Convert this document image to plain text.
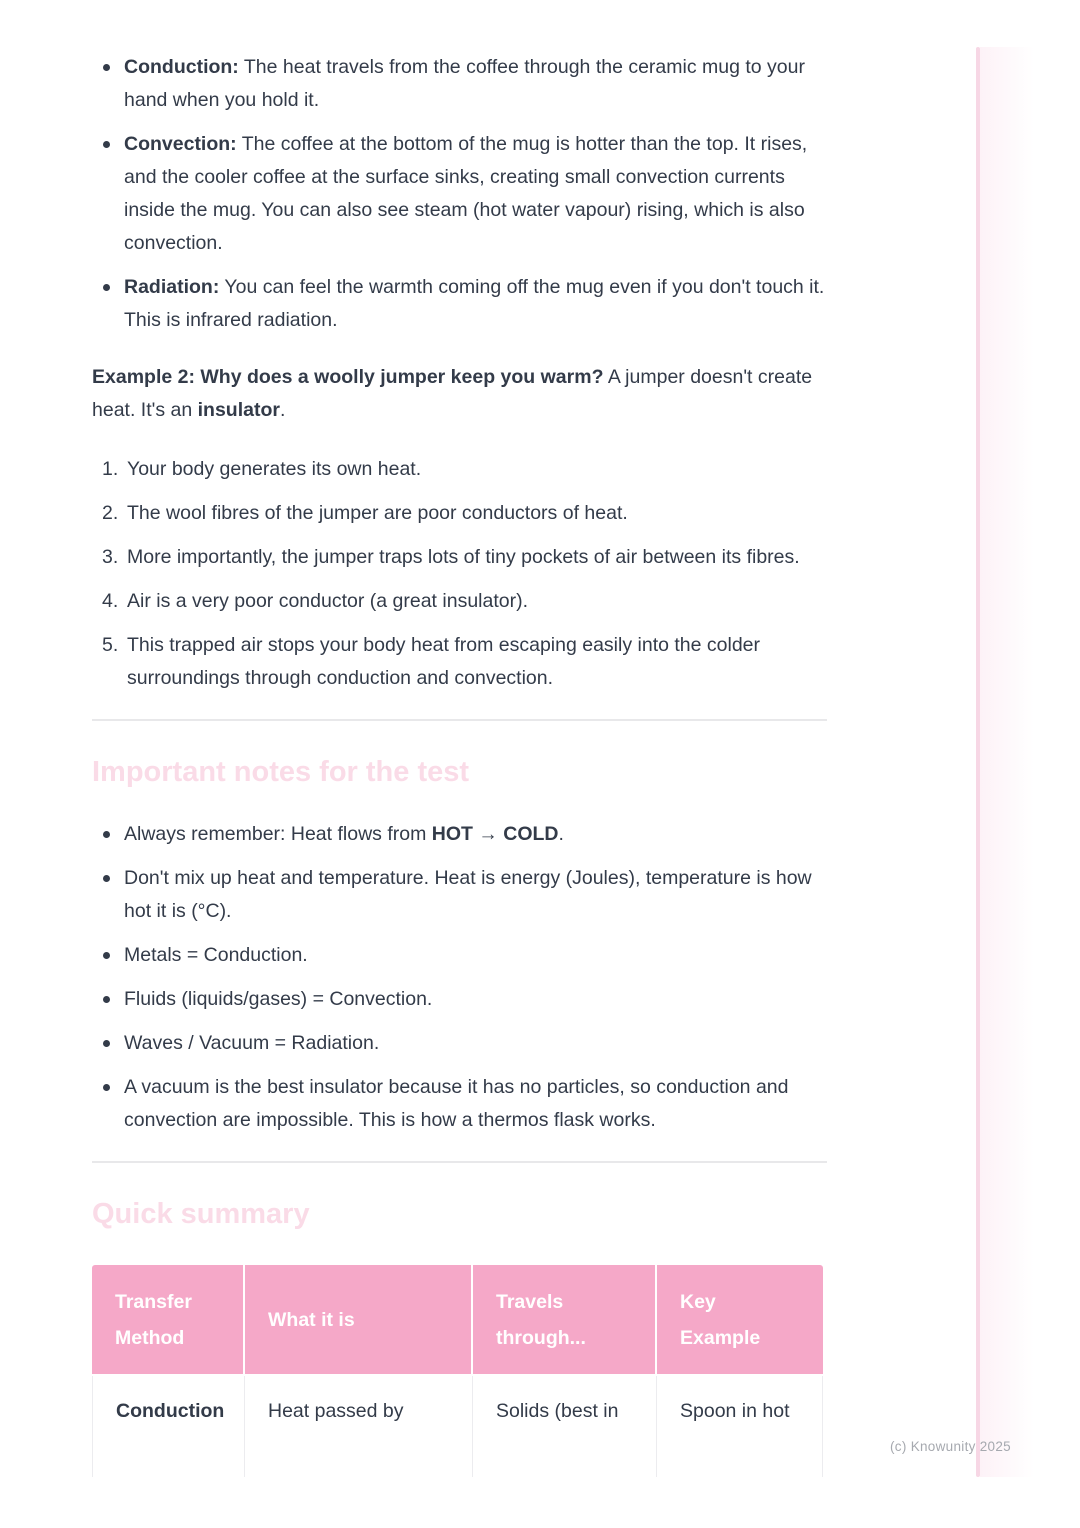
Conduction: The heat travels from the coffee through the ceramic mug to your hand when you hold it.
Convection: The coffee at the bottom of the mug is hotter than the top. It rises, and the cooler coffee at the surface sinks, creating small convection currents inside the mug. You can also see steam (hot water vapour) rising, which is also convection.
Radiation: You can feel the warmth coming off the mug even if you don't touch it. This is infrared radiation.

Example 2: Why does a woolly jumper keep you warm? A jumper doesn't create heat. It's an insulator.

1. Your body generates its own heat.
2. The wool fibres of the jumper are poor conductors of heat.
3. More importantly, the jumper traps lots of tiny pockets of air between its fibres.
4. Air is a very poor conductor (a great insulator).
5. This trapped air stops your body heat from escaping easily into the colder surroundings through conduction and convection.
Important notes for the test
Always remember: Heat flows from HOT → COLD.
Don't mix up heat and temperature. Heat is energy (Joules), temperature is how hot it is (°C).
Metals = Conduction.
Fluids (liquids/gases) = Convection.
Waves / Vacuum = Radiation.
A vacuum is the best insulator because it has no particles, so conduction and convection are impossible. This is how a thermos flask works.
Quick summary
Transfer Method	What it is	Travels through...	Key Example
Conduction	Heat passed by	Solids (best in	Spoon in hot
(c) Knowunity 2025
